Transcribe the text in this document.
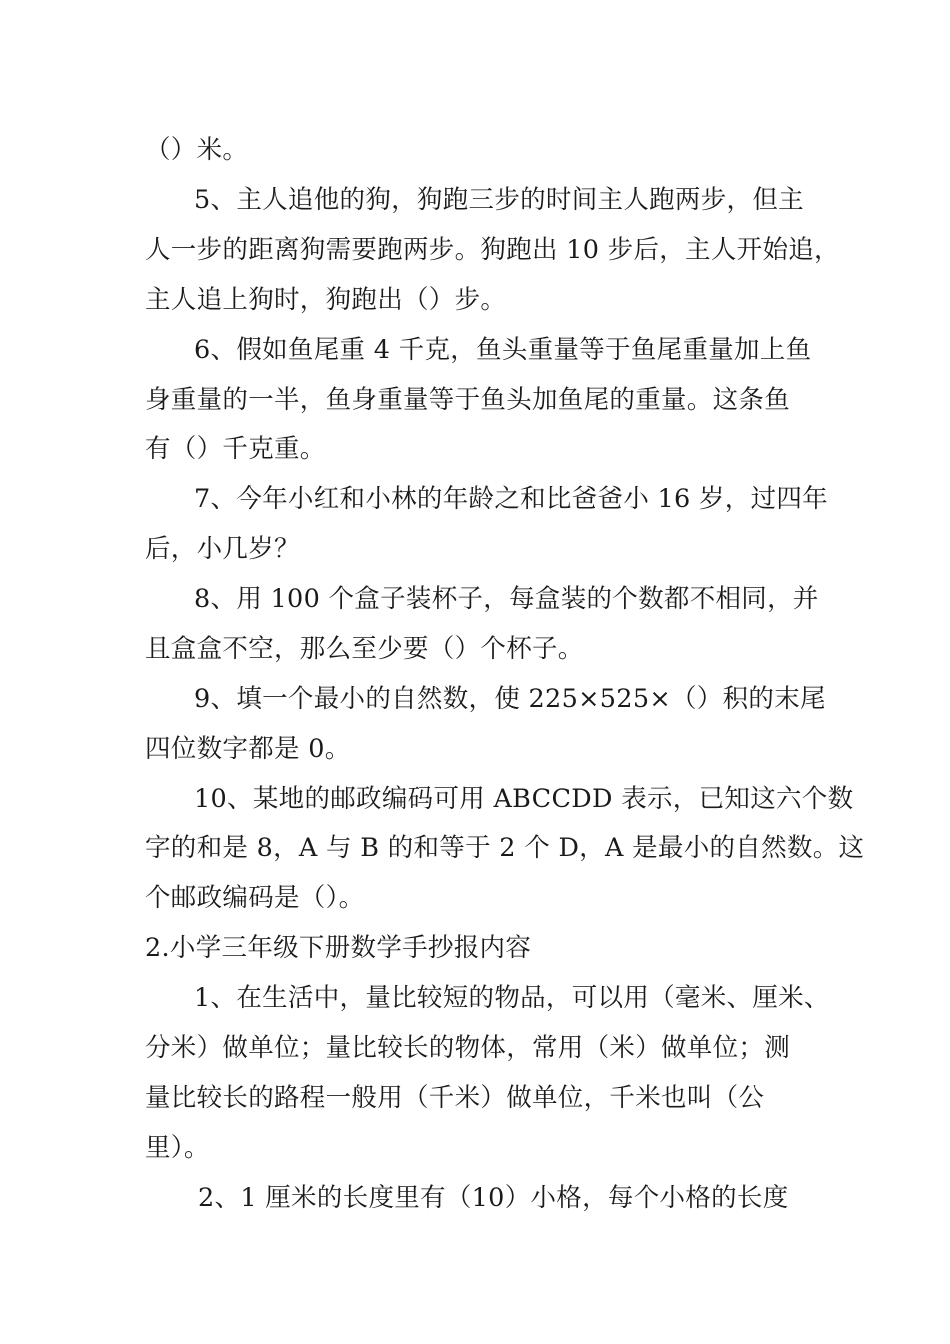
（）米。
5、主人追他的狗，狗跑三步的时间主人跑两步，但主
人一步的距离狗需要跑两步。狗跑出 10 步后，主人开始追，
主人追上狗时，狗跑出（）步。
6、假如鱼尾重 4 千克，鱼头重量等于鱼尾重量加上鱼
身重量的一半，鱼身重量等于鱼头加鱼尾的重量。这条鱼
有（）千克重。
7、今年小红和小林的年龄之和比爸爸小 16 岁，过四年
后，小几岁？
8、用 100 个盒子装杯子，每盒装的个数都不相同，并
且盒盒不空，那么至少要（）个杯子。
9、填一个最小的自然数，使 225×525×（）积的末尾
四位数字都是 0。
10、某地的邮政编码可用 ABCCDD 表示，已知这六个数
字的和是 8，A 与 B 的和等于 2 个 D，A 是最小的自然数。这
个邮政编码是（）。
2.小学三年级下册数学手抄报内容
1、在生活中，量比较短的物品，可以用（毫米、厘米、
分米）做单位；量比较长的物体，常用（米）做单位；测
量比较长的路程一般用（千米）做单位，千米也叫（公
里）。
2、1 厘米的长度里有（10）小格，每个小格的长度
